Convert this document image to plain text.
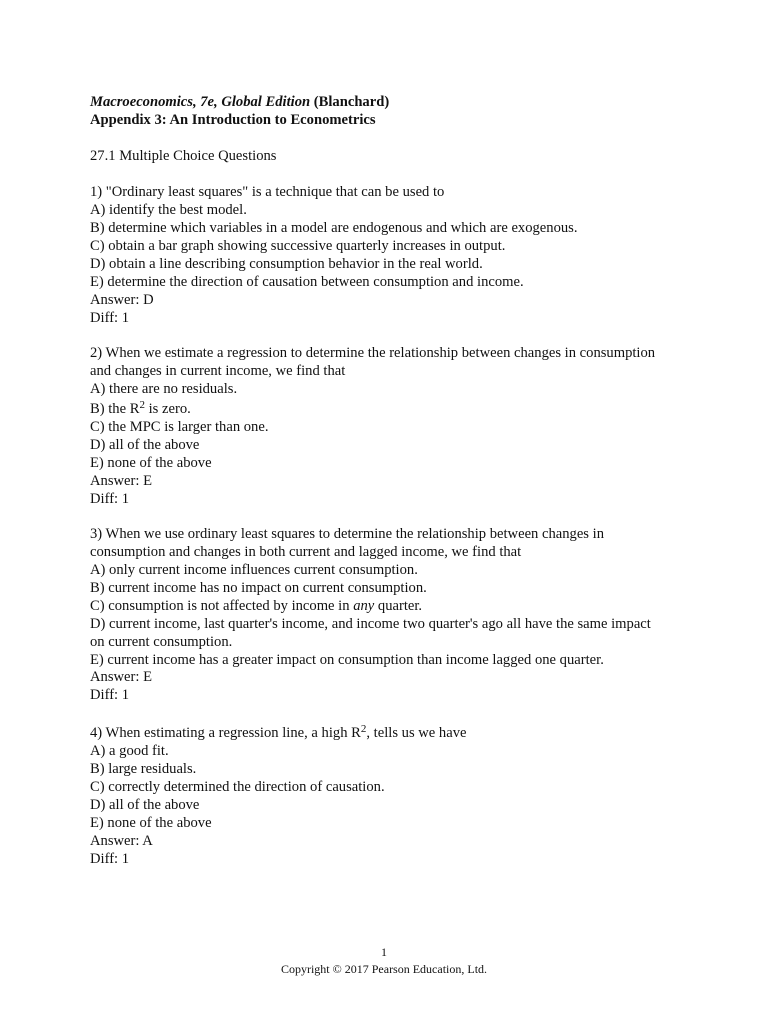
Macroeconomics, 7e, Global Edition (Blanchard)
Appendix 3: An Introduction to Econometrics
27.1 Multiple Choice Questions
1) "Ordinary least squares" is a technique that can be used to
A) identify the best model.
B) determine which variables in a model are endogenous and which are exogenous.
C) obtain a bar graph showing successive quarterly increases in output.
D) obtain a line describing consumption behavior in the real world.
E) determine the direction of causation between consumption and income.
Answer: D
Diff: 1
2) When we estimate a regression to determine the relationship between changes in consumption
and changes in current income, we find that
A) there are no residuals.
B) the $R^2$ is zero.
C) the MPC is larger than one.
D) all of the above
E) none of the above
Answer: E
Diff: 1
3) When we use ordinary least squares to determine the relationship between changes in
consumption and changes in both current and lagged income, we find that
A) only current income influences current consumption.
B) current income has no impact on current consumption.
C) consumption is not affected by income in any quarter.
D) current income, last quarter's income, and income two quarter's ago all have the same impact
on current consumption.
E) current income has a greater impact on consumption than income lagged one quarter.
Answer: E
Diff: 1
4) When estimating a regression line, a high $R^2$, tells us we have
A) a good fit.
B) large residuals.
C) correctly determined the direction of causation.
D) all of the above
E) none of the above
Answer: A
Diff: 1
1
Copyright © 2017 Pearson Education, Ltd.
